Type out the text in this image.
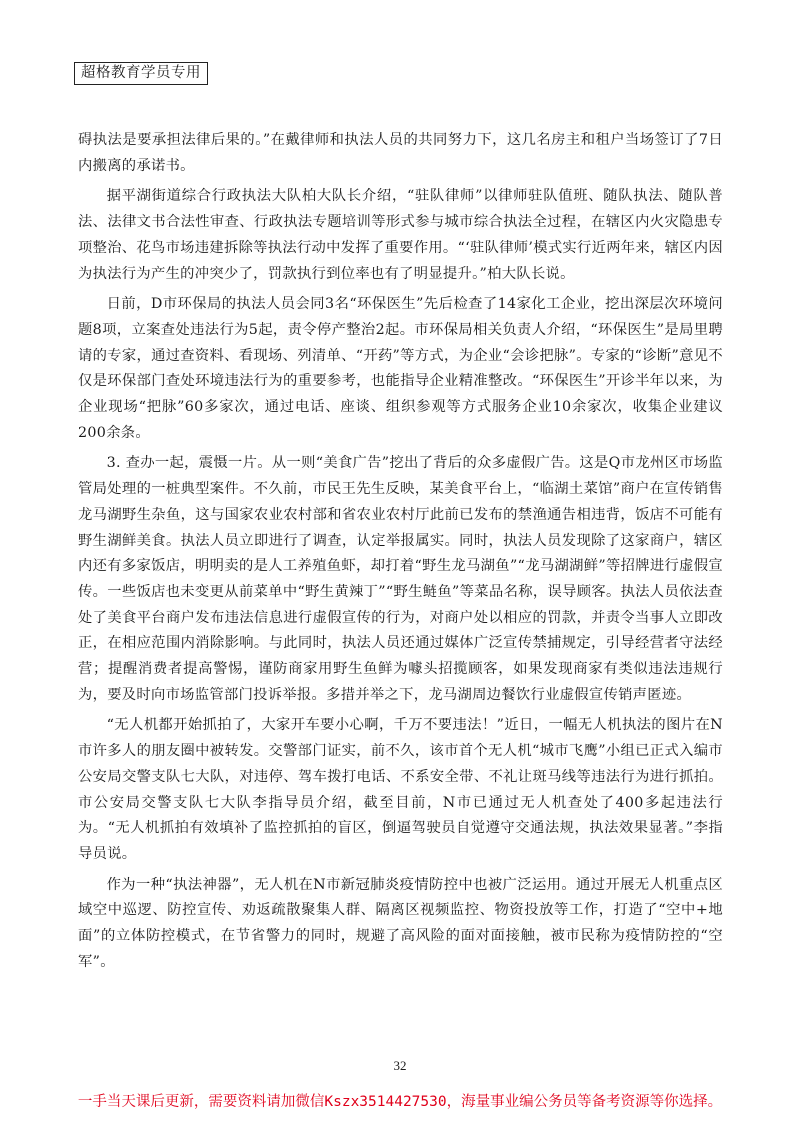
超格教育学员专用

碍执法是要承担法律后果的。”在戴律师和执法人员的共同努力下，这几名房主和租户当场签订了7日内搬离的承诺书。

据平湖街道综合行政执法大队柏大队长介绍，“驻队律师”以律师驻队值班、随队执法、随队普法、法律文书合法性审查、行政执法专题培训等形式参与城市综合执法全过程，在辖区内火灾隐患专项整治、花鸟市场违建拆除等执法行动中发挥了重要作用。“‘驻队律师’模式实行近两年来，辖区内因为执法行为产生的冲突少了，罚款执行到位率也有了明显提升。”柏大队长说。

日前，D市环保局的执法人员会同3名“环保医生”先后检查了14家化工企业，挖出深层次环境问题8项，立案查处违法行为5起，责令停产整治2起。市环保局相关负责人介绍，“环保医生”是局里聘请的专家，通过查资料、看现场、列清单、“开药”等方式，为企业“会诊把脉”。专家的“诊断”意见不仅是环保部门查处环境违法行为的重要参考，也能指导企业精准整改。“环保医生”开诊半年以来，为企业现场“把脉”60多家次，通过电话、座谈、组织参观等方式服务企业10余家次，收集企业建议200余条。

3. 查办一起，震慑一片。从一则“美食广告”挖出了背后的众多虚假广告。这是Q市龙州区市场监管局处理的一桩典型案件。不久前，市民王先生反映，某美食平台上，“临湖土菜馆”商户在宣传销售龙马湖野生杂鱼，这与国家农业农村部和省农业农村厅此前已发布的禁渔通告相违背，饭店不可能有野生湖鲜美食。执法人员立即进行了调查，认定举报属实。同时，执法人员发现除了这家商户，辖区内还有多家饭店，明明卖的是人工养殖鱼虾，却打着“野生龙马湖鱼”“龙马湖湖鲜”等招牌进行虚假宣传。一些饭店也未变更从前菜单中“野生黄辣丁”“野生鲢鱼”等菜品名称，误导顾客。执法人员依法查处了美食平台商户发布违法信息进行虚假宣传的行为，对商户处以相应的罚款，并责令当事人立即改正，在相应范围内消除影响。与此同时，执法人员还通过媒体广泛宣传禁捕规定，引导经营者守法经营；提醒消费者提高警惕，谨防商家用野生鱼鲜为噱头招揽顾客，如果发现商家有类似违法违规行为，要及时向市场监管部门投诉举报。多措并举之下，龙马湖周边餐饮行业虚假宣传销声匿迹。

“无人机都开始抓拍了，大家开车要小心啊，千万不要违法！”近日，一幅无人机执法的图片在N市许多人的朋友圈中被转发。交警部门证实，前不久，该市首个无人机“城市飞鹰”小组已正式入编市公安局交警支队七大队，对违停、驾车拨打电话、不系安全带、不礼让斑马线等违法行为进行抓拍。市公安局交警支队七大队李指导员介绍，截至目前，N市已通过无人机查处了400多起违法行为。“无人机抓拍有效填补了监控抓拍的盲区，倒逼驾驶员自觉遵守交通法规，执法效果显著。”李指导员说。

作为一种“执法神器”，无人机在N市新冠肺炎疫情防控中也被广泛运用。通过开展无人机重点区域空中巡逻、防控宣传、劝返疏散聚集人群、隔离区视频监控、物资投放等工作，打造了“空中+地面”的立体防控模式，在节省警力的同时，规避了高风险的面对面接触，被市民称为疫情防控的“空军”。

32
一手当天课后更新，需要资料请加微信Kszx3514427530，海量事业编公务员等备考资源等你选择。
